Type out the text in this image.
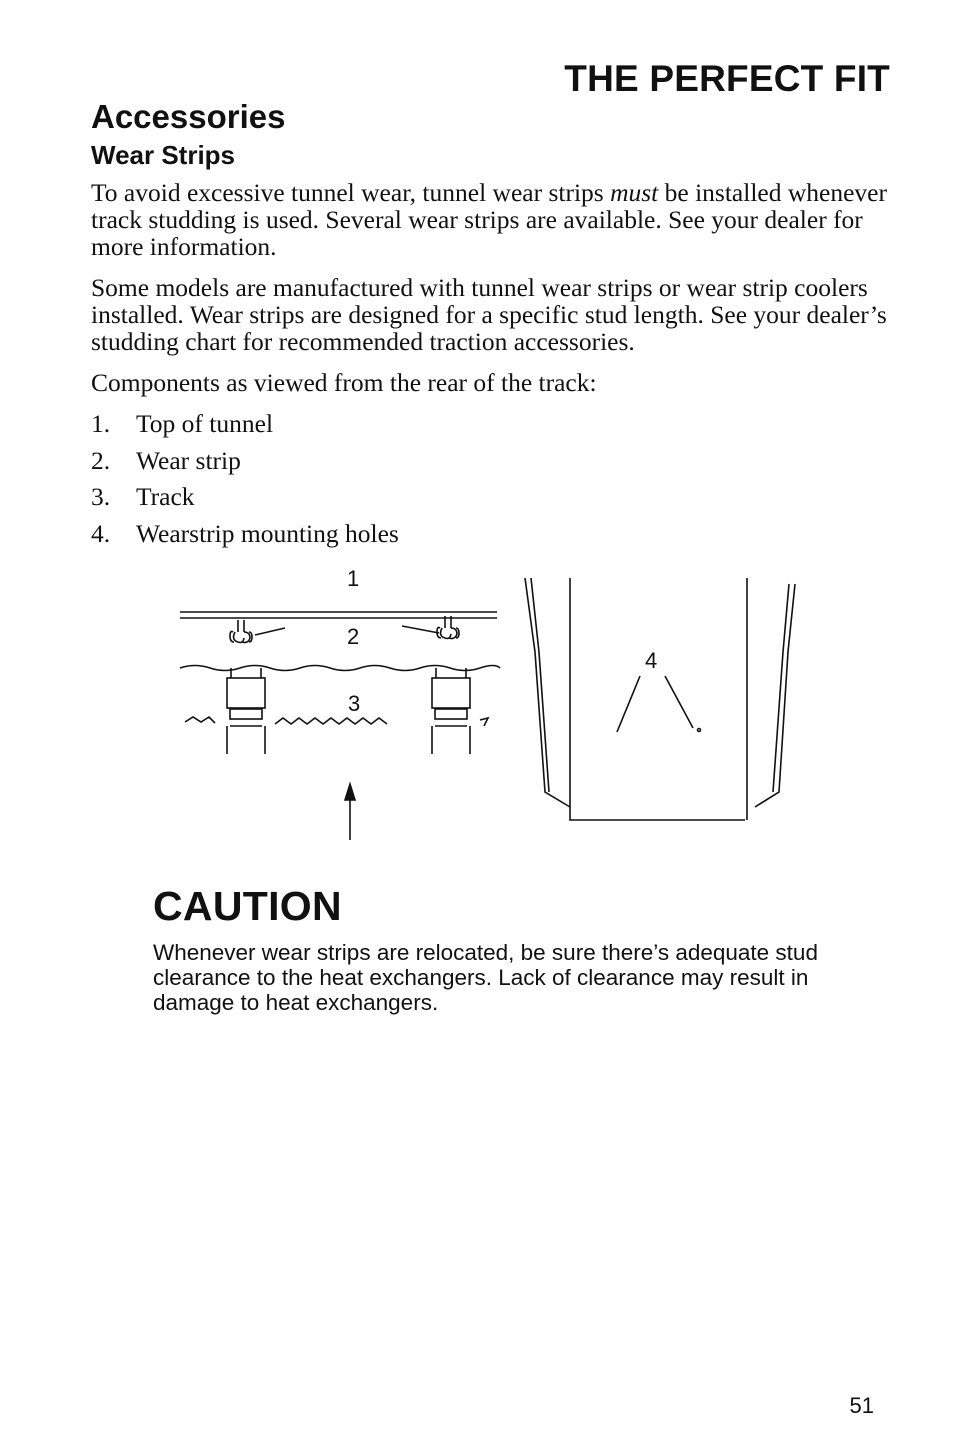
THE PERFECT FIT
Accessories
Wear Strips

To avoid excessive tunnel wear, tunnel wear strips must be installed whenever track studding is used. Several wear strips are available. See your dealer for more information.

Some models are manufactured with tunnel wear strips or wear strip coolers installed. Wear strips are designed for a specific stud length. See your dealer’s studding chart for recommended traction accessories.

Components as viewed from the rear of the track:

1. Top of tunnel
2. Wear strip
3. Track
4. Wearstrip mounting holes
1
2
3
4
CAUTION

Whenever wear strips are relocated, be sure there’s adequate stud clearance to the heat exchangers. Lack of clearance may result in damage to heat exchangers.

51
